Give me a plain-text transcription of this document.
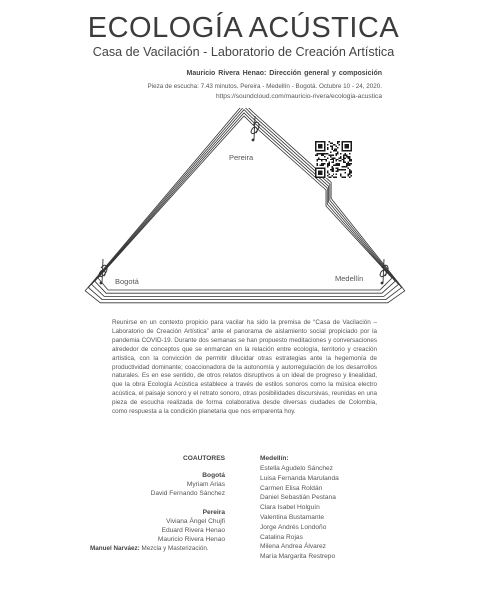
ECOLOGÍA ACÚSTICA
Casa de Vacilación - Laboratorio de Creación Artística
Mauricio Rivera Henao: Dirección general y composición
Pieza de escucha: 7.43 minutos. Pereira - Medellín - Bogotá. Octubre 10 - 24, 2020.
https://soundcloud.com/mauricio-rivera/ecologia-acustica
Pereira
Bogotá	Medellín

Reunirse en un contexto propicio para vacilar ha sido la premisa de “Casa de Vacilación – Laboratorio de Creación Artística” ante el panorama de aislamiento social propiciado por la pandemia COVID-19. Durante dos semanas se han propuesto meditaciones y conversaciones alrededor de conceptos que se enmarcan en la relación entre ecología, territorio y creación artística, con la convicción de permitir dilucidar otras estrategias ante la hegemonía de productividad dominante; coaccionadora de la autonomía y autorregulación de los desarrollos naturales. Es en ese sentido, de otros relatos disruptivos a un ideal de progreso y linealidad, que la obra Ecología Acústica establece a través de estilos sonoros como la música electro acústica, el paisaje sonoro y el retrato sonoro, otras posibilidades discursivas, reunidas en una pieza de escucha realizada de forma colaborativa desde diversas ciudades de Colombia, como respuesta a la condición planetaria que nos emparenta hoy.

COAUTORES
Bogotá
Myriam Arias
David Fernando Sánchez
Pereira
Viviana Ángel Chujfi
Eduard Rivera Henao
Mauricio Rivera Henao
Manuel Narváez: Mezcla y Masterización.
Medellín:
Estella Agudelo Sánchez
Luisa Fernanda Marulanda
Carmen Elisa Roldán
Daniel Sebastián Pestana
Clara Isabel Holguín
Valentina Bustamante
Jorge Andrés Londoño
Catalina Rojas
Milena Andrea Álvarez
María Margarita Restrepo
